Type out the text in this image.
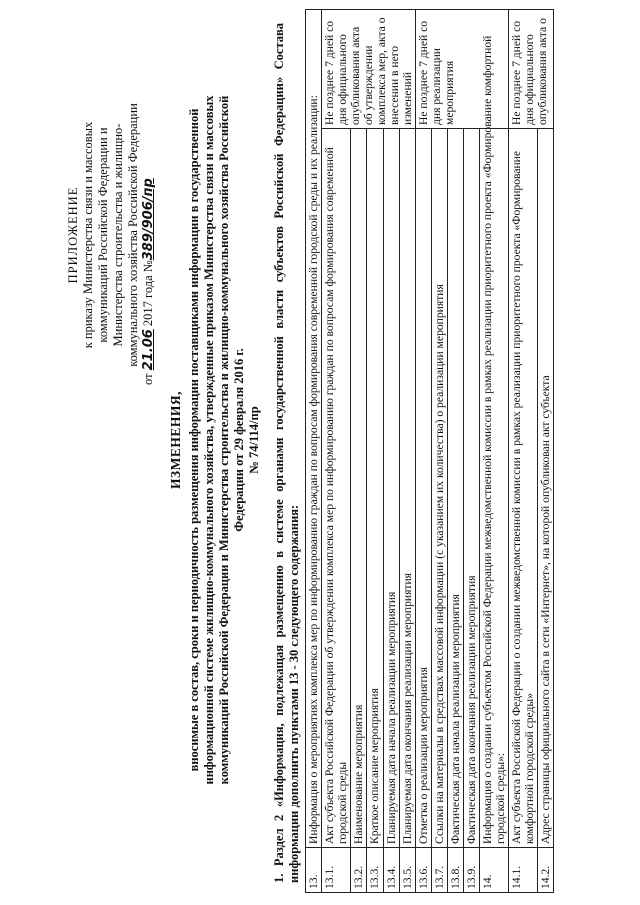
ПРИЛОЖЕНИЕ к приказу Министерства связи и массовых коммуникаций Российской Федерации и Министерства строительства и жилищно- коммунального хозяйства Российской Федерации
от 21.06 2017 года №389/906/пр
ИЗМЕНЕНИЯ, вносимые в состав, сроки и периодичность размещения информации поставщиками информации в государственной информационной системе жилищно-коммунального хозяйства, утвержденные приказом Министерства связи и массовых коммуникаций Российской Федерации и Министерства строительства и жилищно-коммунального хозяйства Российской Федерации от 29 февраля 2016 г. № 74/114/пр 1. Раздел 2 «Информация, подлежащая размещению в системе органами государственной власти субъектов Российской Федерации» Состава информации дополнить пунктами 13 - 30 следующего содержания: 13.	Информация о мероприятиях комплекса мер по информированию граждан по вопросам формирования современной городской среды и их реализации:	
13.1.	Акт субъекта Российской Федерации об утверждении комплекса мер по информированию граждан по вопросам формирования современной городской среды	Не позднее 7 дней со дня официального опубликования акта об утверждении комплекса мер, акта о внесении в него изменений
13.2.	Наименование мероприятия	
13.3.	Краткое описание мероприятия	
13.4.	Планируемая дата начала реализации мероприятия	
13.5.	Планируемая дата окончания реализации мероприятия	
13.6.	Отметка о реализации мероприятия	Не позднее 7 дней со дня реализации мероприятия
13.7.	Ссылки на материалы в средствах массовой информации (с указанием их количества) о реализации мероприятия	
13.8.	Фактическая дата начала реализации мероприятия	
13.9.	Фактическая дата окончания реализации мероприятия	
14.	Информация о создании субъектом Российской Федерации межведомственной комиссии в рамках реализации приоритетного проекта «Формирование комфортной городской среды»:	
14.1.	Акт субъекта Российской Федерации о создании межведомственной комиссии в рамках реализации приоритетного проекта «Формирование комфортной городской среды»	Не позднее 7 дней со дня официального опубликования акта о
14.2.	Адрес страницы официального сайта в сети «Интернет», на которой опубликован акт субъекта	
